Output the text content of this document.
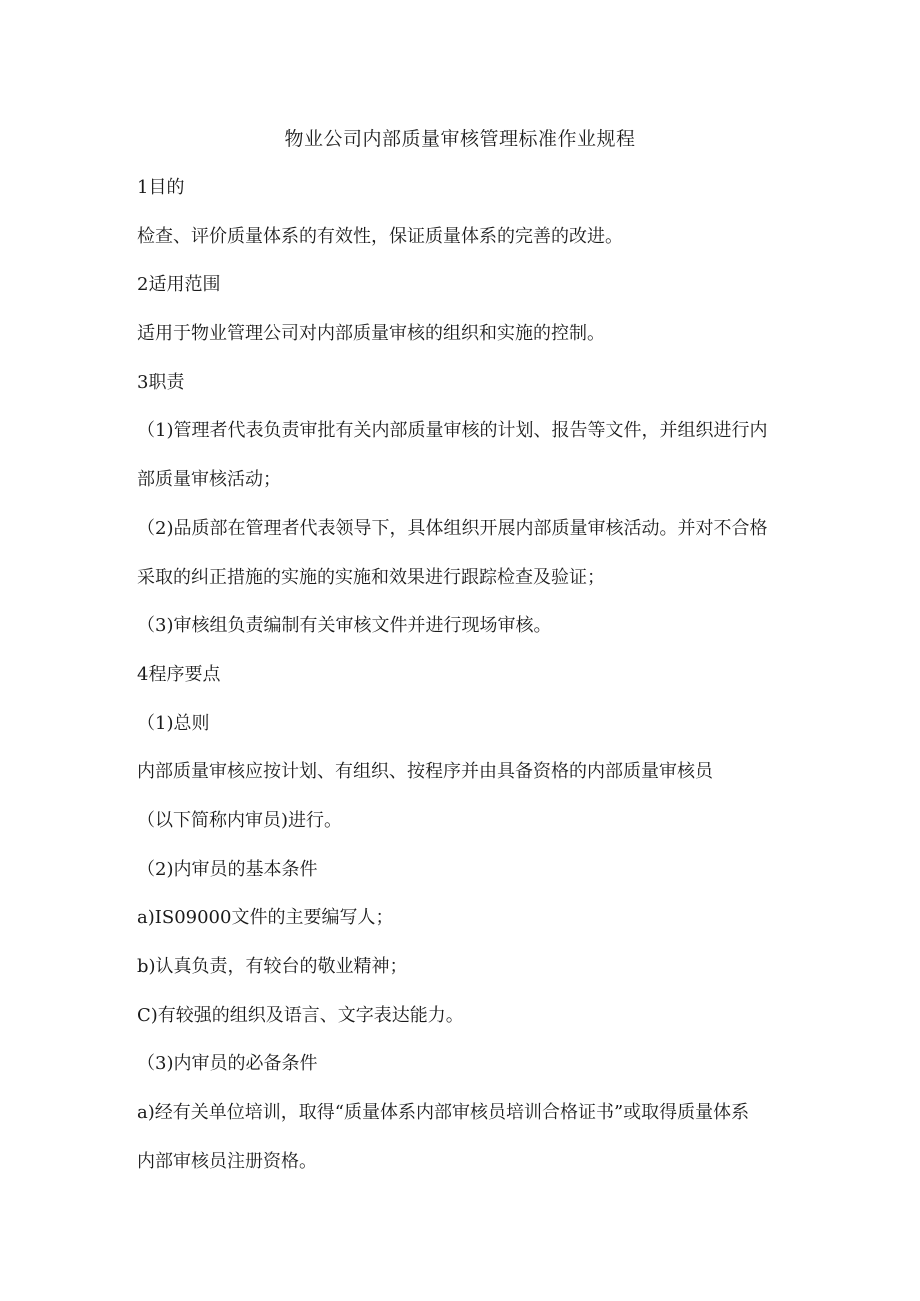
物业公司内部质量审核管理标准作业规程
1目的
检查、评价质量体系的有效性，保证质量体系的完善的改进。
2适用范围
适用于物业管理公司对内部质量审核的组织和实施的控制。
3职责
（1)管理者代表负责审批有关内部质量审核的计划、报告等文件，并组织进行内
部质量审核活动；
（2)品质部在管理者代表领导下，具体组织开展内部质量审核活动。并对不合格
采取的纠正措施的实施的实施和效果进行跟踪检查及验证；
（3)审核组负责编制有关审核文件并进行现场审核。
4程序要点
（1)总则
内部质量审核应按计划、有组织、按程序并由具备资格的内部质量审核员
（以下简称内审员)进行。
（2)内审员的基本条件
a)IS09000文件的主要编写人；
b)认真负责，有较台的敬业精神；
C)有较强的组织及语言、文字表达能力。
（3)内审员的必备条件
a)经有关单位培训，取得“质量体系内部审核员培训合格证书”或取得质量体系
内部审核员注册资格。
